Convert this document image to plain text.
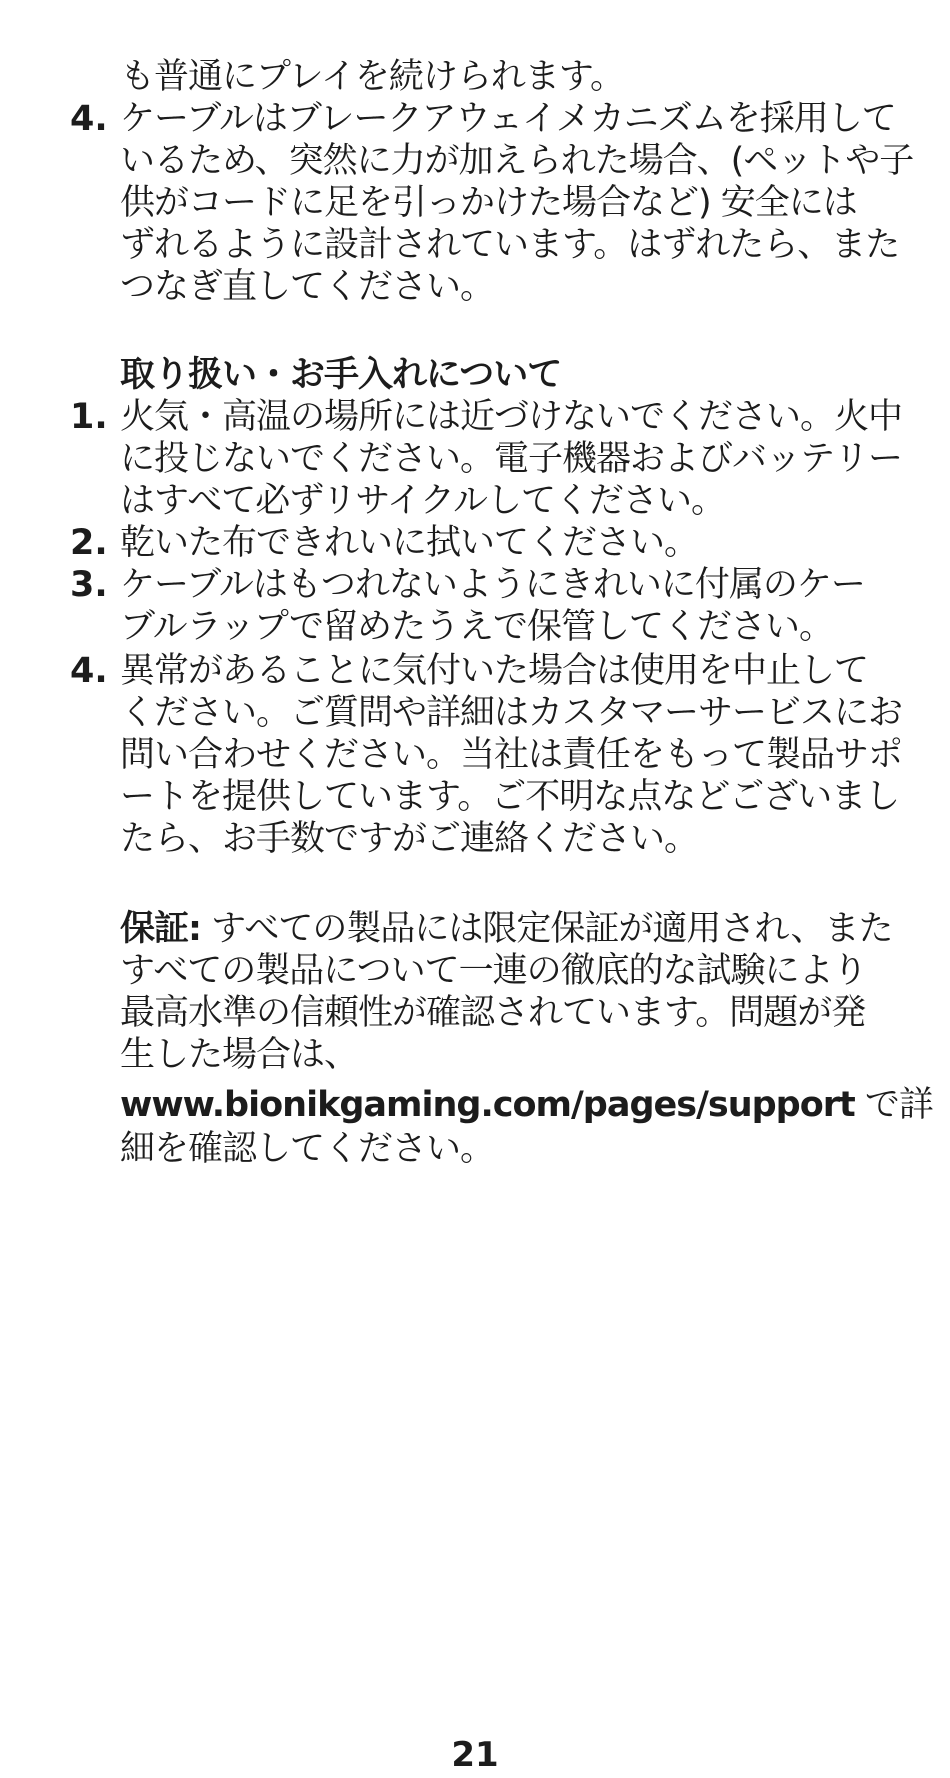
も普通にプレイを続けられます。
4. ケーブルはブレークアウェイメカニズムを採用して
いるため、突然に力が加えられた場合、(ペットや子
供がコードに足を引っかけた場合など) 安全には
ずれるように設計されています。はずれたら、また
つなぎ直してください。
取り扱い・お手入れについて
1. 火気・高温の場所には近づけないでください。火中
に投じないでください。電子機器およびバッテリー
はすべて必ずリサイクルしてください。
2. 乾いた布できれいに拭いてください。
3. ケーブルはもつれないようにきれいに付属のケー
ブルラップで留めたうえで保管してください。
4. 異常があることに気付いた場合は使用を中止して
ください。ご質問や詳細はカスタマーサービスにお
問い合わせください。当社は責任をもって製品サポ
ートを提供しています。ご不明な点などございまし
たら、お手数ですがご連絡ください。
保証: すべての製品には限定保証が適用され、また
すべての製品について一連の徹底的な試験により
最高水準の信頼性が確認されています。問題が発
生した場合は、
www.bionikgaming.com/pages/support で詳
細を確認してください。
21
